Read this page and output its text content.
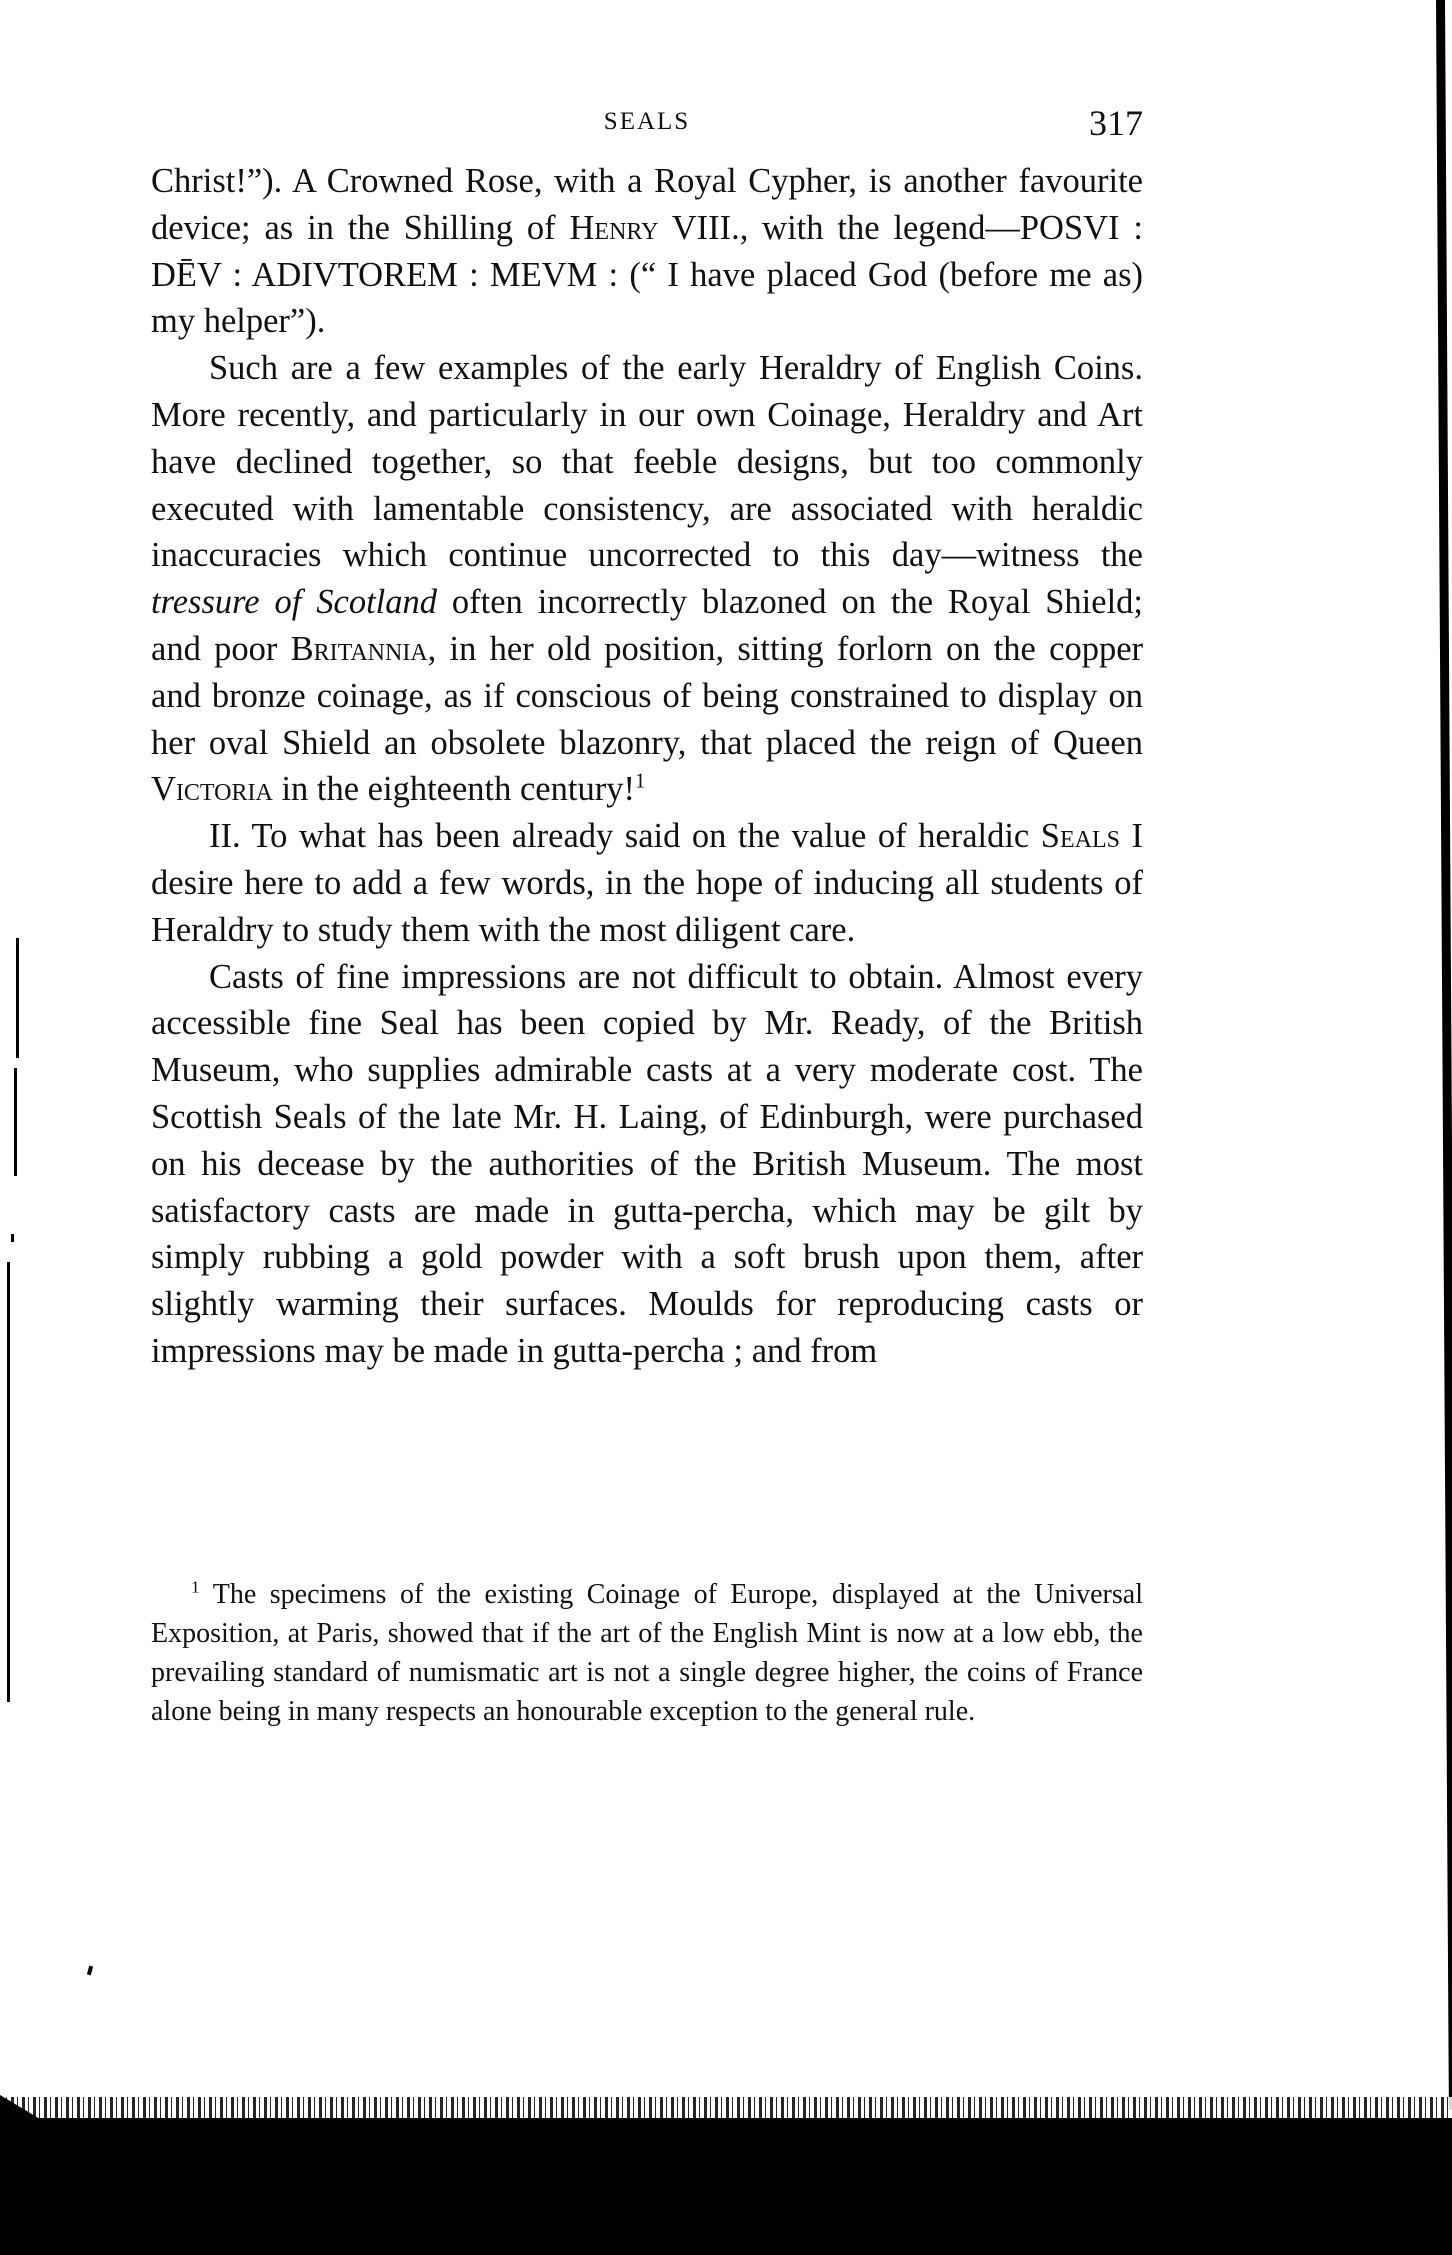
SEALS	317

Christ!”). A Crowned Rose, with a Royal Cypher, is another favourite device; as in the Shilling of Henry VIII., with the legend—POSVI : DĒV : ADIVTOREM : MEVM : (“ I have placed God (before me as) my helper”).

Such are a few examples of the early Heraldry of English Coins. More recently, and particularly in our own Coinage, Heraldry and Art have declined together, so that feeble designs, but too commonly executed with lamentable consistency, are associated with heraldic inaccuracies which continue uncorrected to this day—witness the tressure of Scotland often incorrectly blazoned on the Royal Shield; and poor Britannia, in her old position, sitting forlorn on the copper and bronze coinage, as if conscious of being constrained to display on her oval Shield an obsolete blazonry, that placed the reign of Queen Victoria in the eighteenth century!$^1$

II. To what has been already said on the value of heraldic Seals I desire here to add a few words, in the hope of inducing all students of Heraldry to study them with the most diligent care.

Casts of fine impressions are not difficult to obtain. Almost every accessible fine Seal has been copied by Mr. Ready, of the British Museum, who supplies admirable casts at a very moderate cost. The Scottish Seals of the late Mr. H. Laing, of Edinburgh, were purchased on his decease by the authorities of the British Museum. The most satisfactory casts are made in gutta-percha, which may be gilt by simply rubbing a gold powder with a soft brush upon them, after slightly warming their surfaces. Moulds for reproducing casts or impressions may be made in gutta-percha ; and from

$^1$ The specimens of the existing Coinage of Europe, displayed at the Universal Exposition, at Paris, showed that if the art of the English Mint is now at a low ebb, the prevailing standard of numismatic art is not a single degree higher, the coins of France alone being in many respects an honourable exception to the general rule.
